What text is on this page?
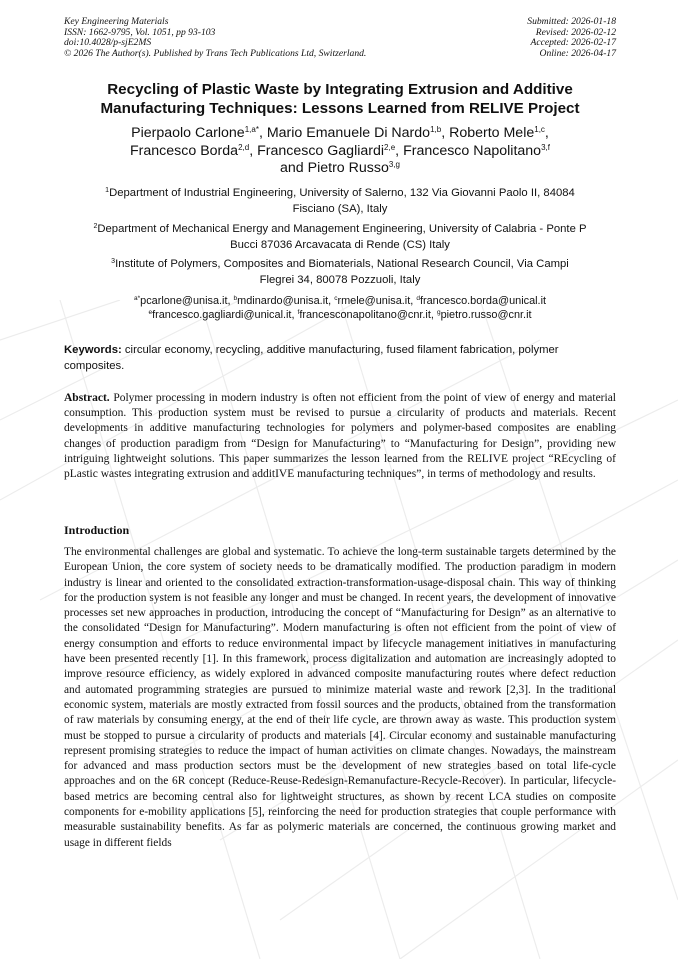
Key Engineering Materials
ISSN: 1662-9795, Vol. 1051, pp 93-103
doi:10.4028/p-sjE2MS
© 2026 The Author(s). Published by Trans Tech Publications Ltd, Switzerland.
Submitted: 2026-01-18
Revised: 2026-02-12
Accepted: 2026-02-17
Online: 2026-04-17
Recycling of Plastic Waste by Integrating Extrusion and Additive
Manufacturing Techniques: Lessons Learned from RELIVE Project
Pierpaolo Carlone$^{1,a*}$, Mario Emanuele Di Nardo$^{1,b}$, Roberto Mele$^{1,c}$,
Francesco Borda$^{2,d}$, Francesco Gagliardi$^{2,e}$, Francesco Napolitano$^{3,f}$
and Pietro Russo$^{3,g}$
$^1$Department of Industrial Engineering, University of Salerno, 132 Via Giovanni Paolo II, 84084
Fisciano (SA), Italy
$^2$Department of Mechanical Energy and Management Engineering, University of Calabria - Ponte P
Bucci 87036 Arcavacata di Rende (CS) Italy
$^3$Institute of Polymers, Composites and Biomaterials, National Research Council, Via Campi
Flegrei 34, 80078 Pozzuoli, Italy
$^{a*}$pcarlone@unisa.it, $^b$mdinardo@unisa.it, $^c$rmele@unisa.it, $^d$francesco.borda@unical.it
$^e$francesco.gagliardi@unical.it, $^f$francesconapolitano@cnr.it, $^g$pietro.russo@cnr.it
Keywords: circular economy, recycling, additive manufacturing, fused filament fabrication, polymer composites.
Abstract. Polymer processing in modern industry is often not efficient from the point of view of energy and material consumption. This production system must be revised to pursue a circularity of products and materials. Recent developments in additive manufacturing technologies for polymers and polymer-based composites are enabling changes of production paradigm from “Design for Manufacturing” to “Manufacturing for Design”, providing new intriguing lightweight solutions. This paper summarizes the lesson learned from the RELIVE project “REcycling of pLastic wastes integrating extrusion and additIVE manufacturing techniques”, in terms of methodology and results.
Introduction
The environmental challenges are global and systematic. To achieve the long-term sustainable targets determined by the European Union, the core system of society needs to be dramatically modified. The production paradigm in modern industry is linear and oriented to the consolidated extraction-transformation-usage-disposal chain. This way of thinking for the production system is not feasible any longer and must be changed. In recent years, the development of innovative processes set new approaches in production, introducing the concept of “Manufacturing for Design” as an alternative to the consolidated “Design for Manufacturing”. Modern manufacturing is often not efficient from the point of view of energy consumption and efforts to reduce environmental impact by lifecycle management initiatives in manufacturing have been presented recently [1]. In this framework, process digitalization and automation are increasingly adopted to improve resource efficiency, as widely explored in advanced composite manufacturing routes where defect reduction and automated programming strategies are pursued to minimize material waste and rework [2,3]. In the traditional economic system, materials are mostly extracted from fossil sources and the products, obtained from the transformation of raw materials by consuming energy, at the end of their life cycle, are thrown away as waste. This production system must be stopped to pursue a circularity of products and materials [4]. Circular economy and sustainable manufacturing represent promising strategies to reduce the impact of human activities on climate changes. Nowadays, the mainstream for advanced and mass production sectors must be the development of new strategies based on total life-cycle approaches and on the 6R concept (Reduce-Reuse-Redesign-Remanufacture-Recycle-Recover). In particular, lifecycle-based metrics are becoming central also for lightweight structures, as shown by recent LCA studies on composite components for e-mobility applications [5], reinforcing the need for production strategies that couple performance with measurable sustainability benefits. As far as polymeric materials are concerned, the continuous growing market and usage in different fields
